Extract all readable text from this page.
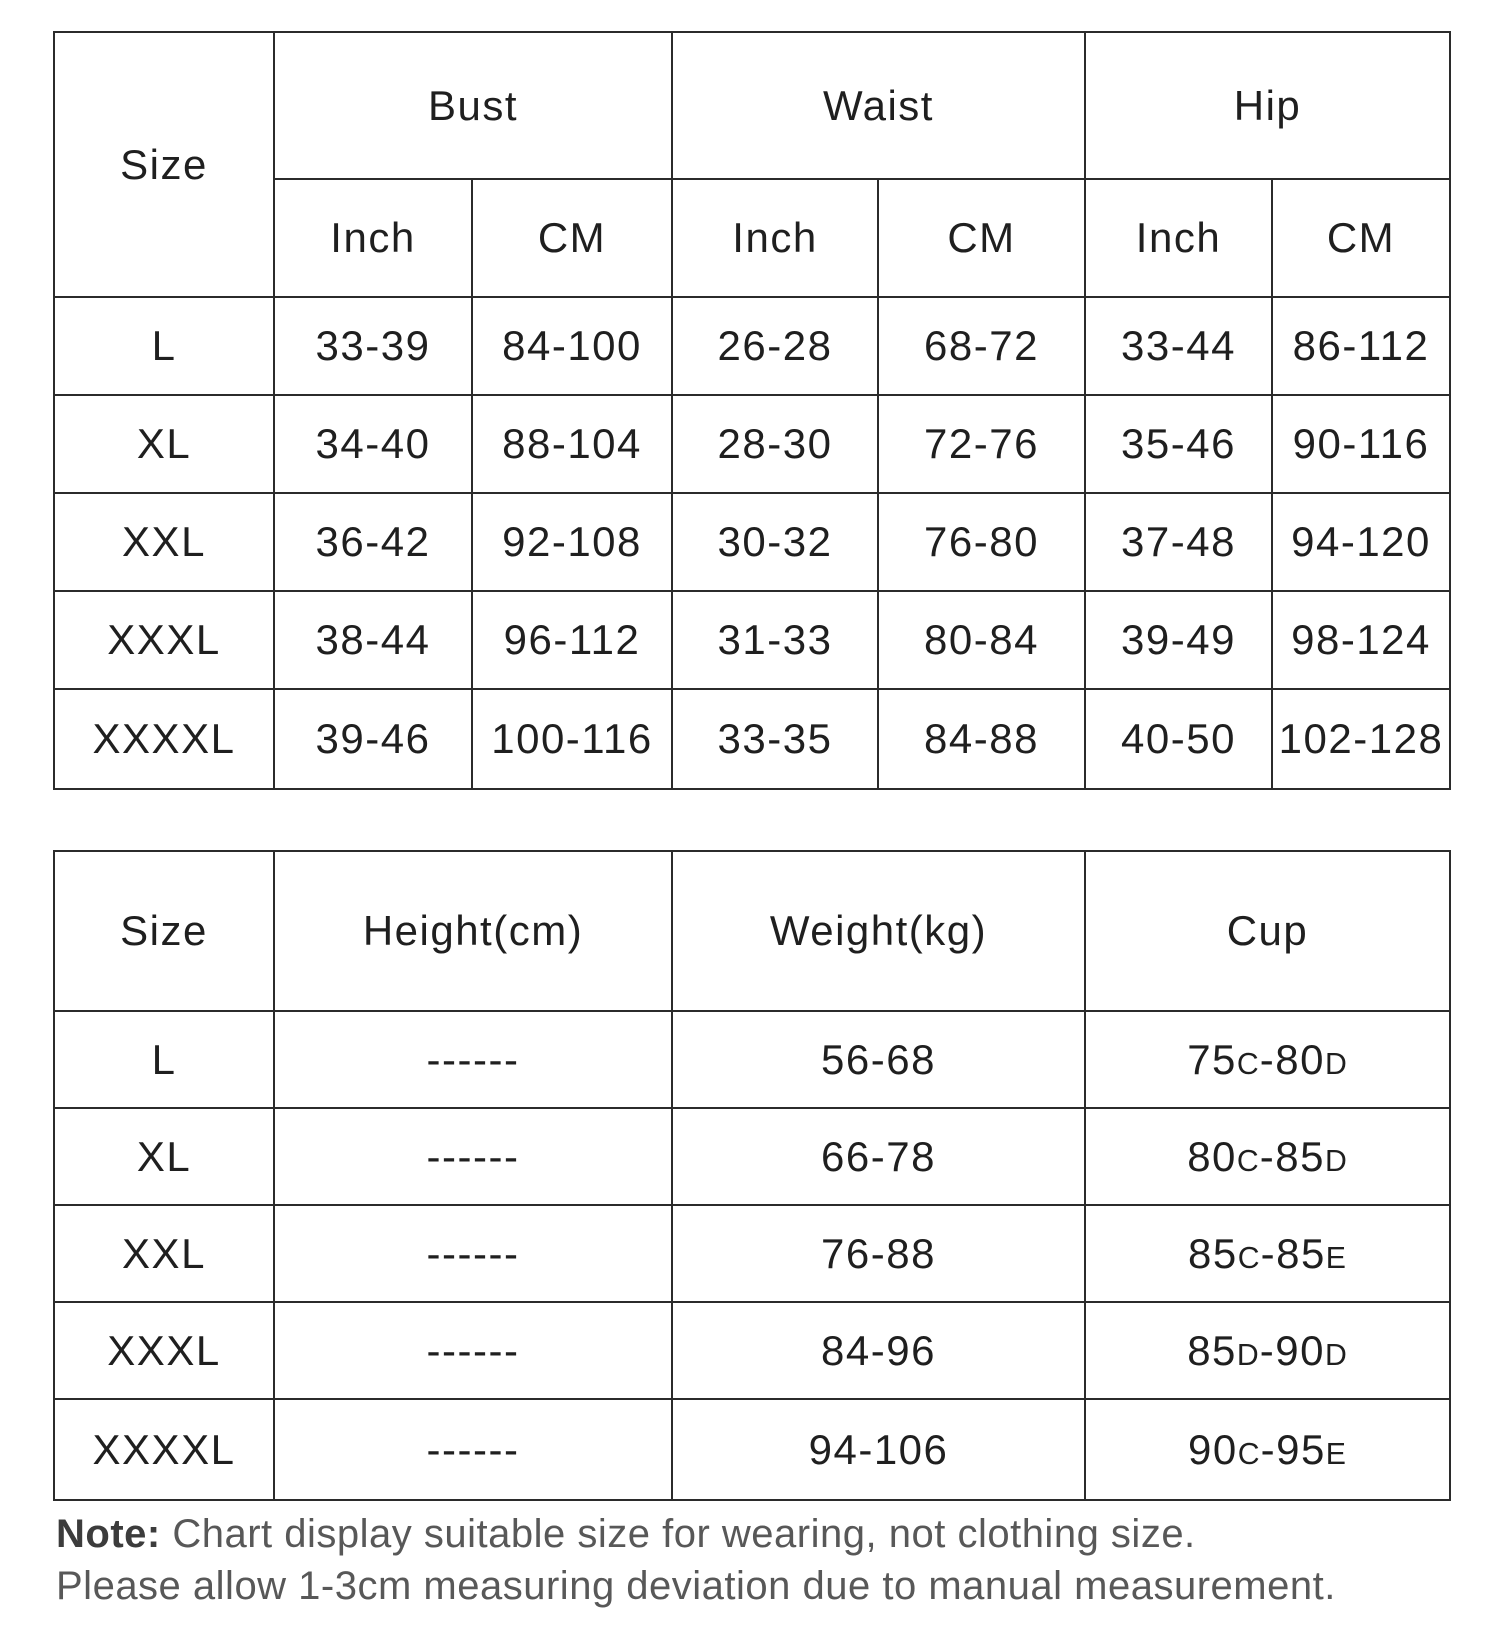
Size	Bust		Waist		Hip	
	Inch	CM	Inch	CM	Inch	CM
L	33-39	84-100	26-28	68-72	33-44	86-112
XL	34-40	88-104	28-30	72-76	35-46	90-116
XXL	36-42	92-108	30-32	76-80	37-48	94-120
XXXL	38-44	96-112	31-33	80-84	39-49	98-124
XXXXL	39-46	100-116	33-35	84-88	40-50	102-128
Size	Height(cm)	Weight(kg)	Cup
L	------	56-68	75C-80D
XL	------	66-78	80C-85D
XXL	------	76-88	85C-85E
XXXL	------	84-96	85D-90D
XXXXL	------	94-106	90C-95E

Note: Chart display suitable size for wearing, not clothing size.

Please allow 1-3cm measuring deviation due to manual measurement.
